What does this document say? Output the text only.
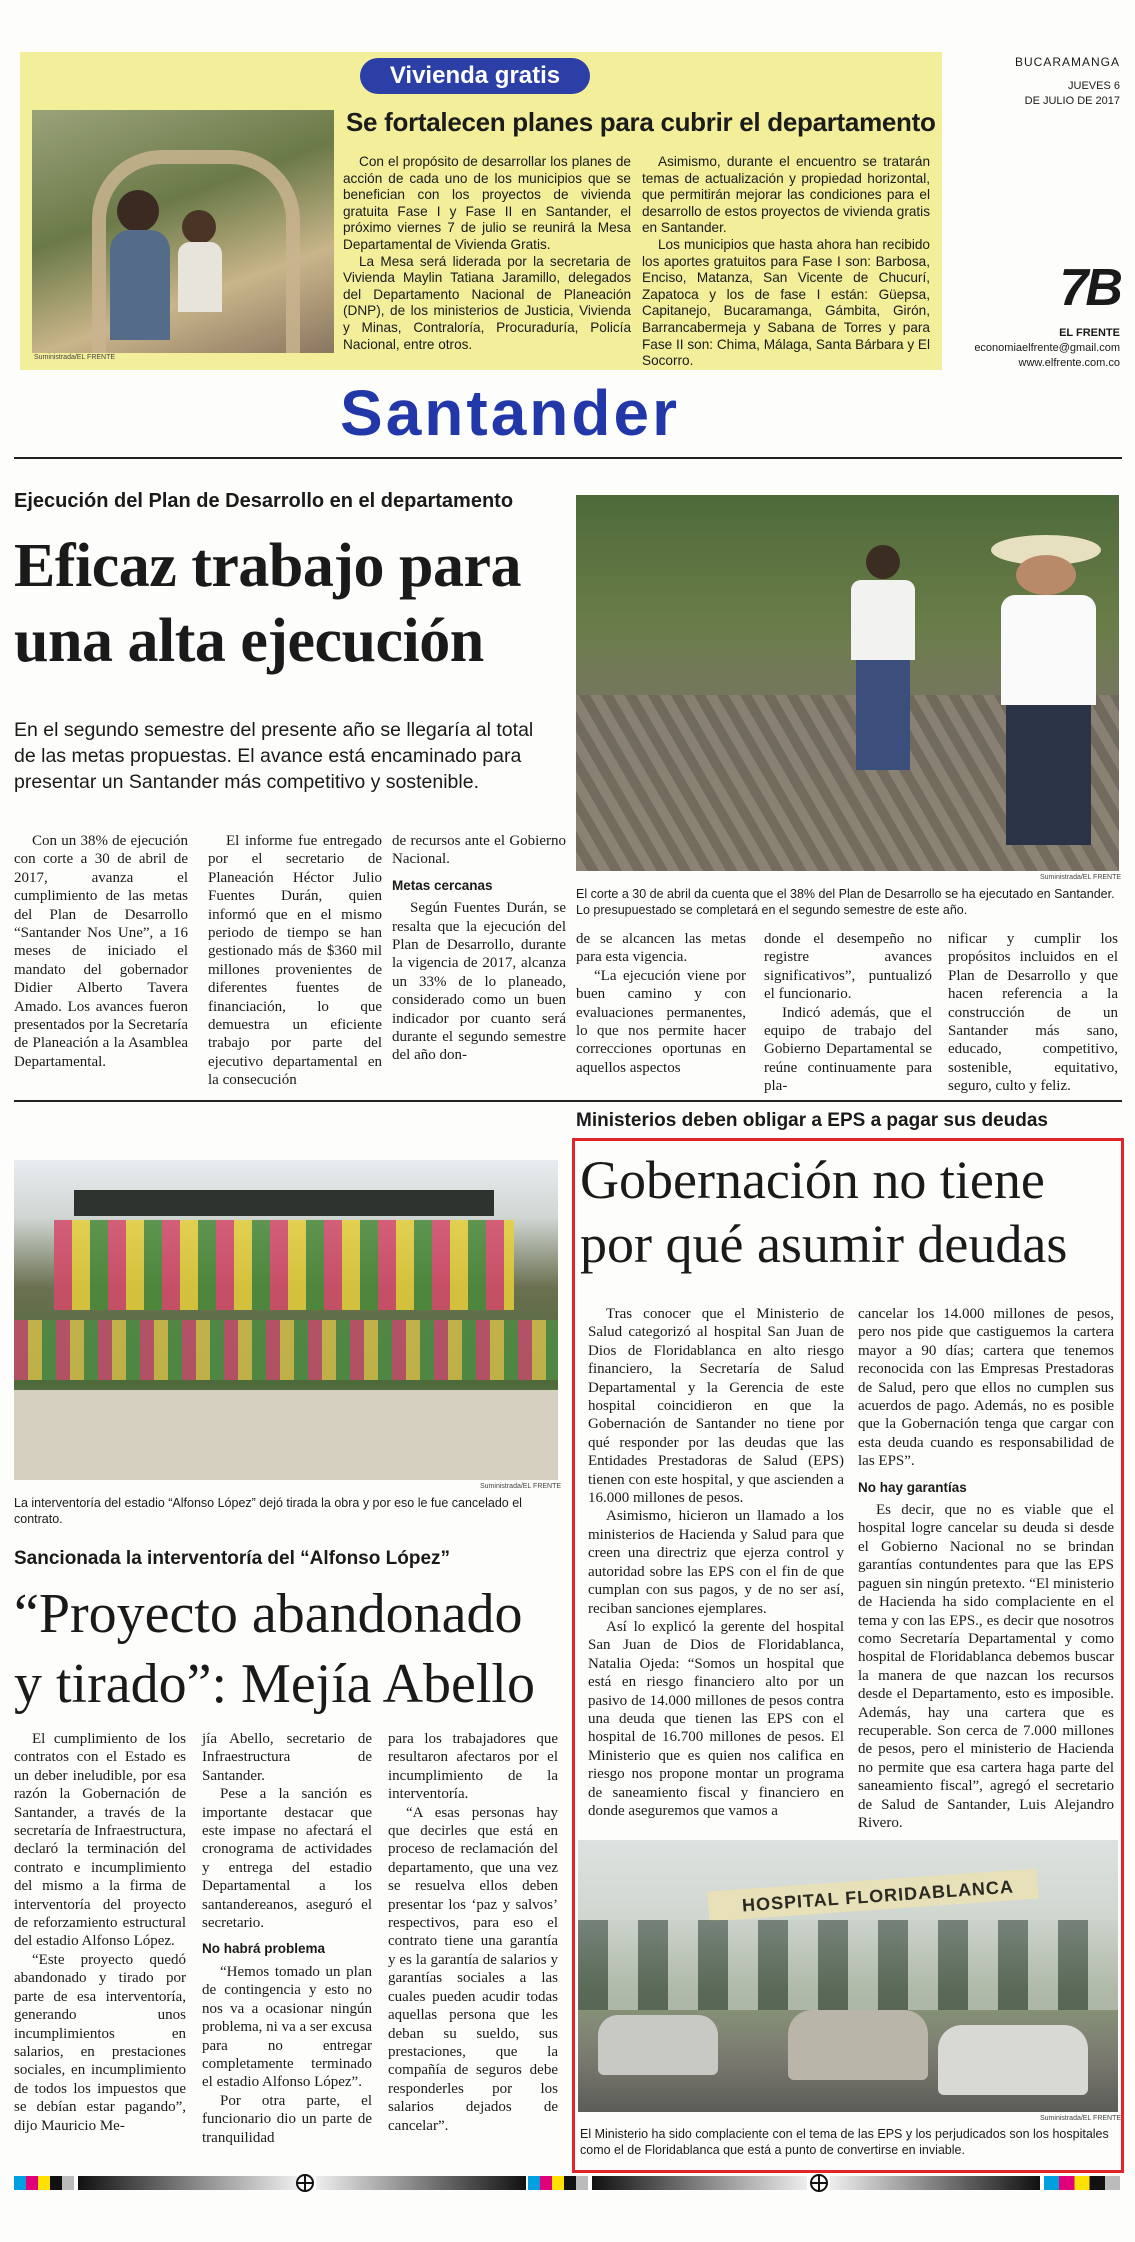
Vivienda gratis
Suministrada/EL FRENTE
Se fortalecen planes para cubrir el departamento

Con el propósito de desarrollar los planes de acción de cada uno de los municipios que se benefician con los proyectos de vivienda gratuita Fase I y Fase II en Santander, el próximo viernes 7 de julio se reunirá la Mesa Departamental de Vivienda Gratis.

La Mesa será liderada por la secretaria de Vivienda Maylin Tatiana Jaramillo, delegados del Departamento Nacional de Planeación (DNP), de los ministerios de Justicia, Vivienda y Minas, Contraloría, Procuraduría, Policía Nacional, entre otros.

Asimismo, durante el encuentro se tratarán temas de actualización y propiedad horizontal, que permitirán mejorar las condiciones para el desarrollo de estos proyectos de vivienda gratis en Santander.

Los municipios que hasta ahora han recibido los aportes gratuitos para Fase I son: Barbosa, Enciso, Matanza, San Vicente de Chucurí, Zapatoca y los de fase I están: Güepsa, Capitanejo, Bucaramanga, Gámbita, Girón, Barrancabermeja y Sabana de Torres y para Fase II son: Chima, Málaga, Santa Bárbara y El Socorro.

BUCARAMANGA
JUEVES 6
DE JULIO DE 2017
7B
EL FRENTE
economiaelfrente@gmail.com
www.elfrente.com.co
Santander
Ejecución del Plan de Desarrollo en el departamento
Eficaz trabajo para
una alta ejecución
En el segundo semestre del presente año se llegaría al total de las metas propuestas. El avance está encaminado para presentar un Santander más competitivo y sostenible.
Suministrada/EL FRENTE
El corte a 30 de abril da cuenta que el 38% del Plan de Desarrollo se ha ejecutado en Santander. Lo presupuestado se completará en el segundo semestre de este año.

Con un 38% de ejecución con corte a 30 de abril de 2017, avanza el cumplimiento de las metas del Plan de Desarrollo “Santander Nos Une”, a 16 meses de iniciado el mandato del gobernador Didier Alberto Tavera Amado. Los avances fueron presentados por la Secretaría de Planeación a la Asamblea Departamental.

El informe fue entregado por el secretario de Planeación Héctor Julio Fuentes Durán, quien informó que en el mismo periodo de tiempo se han gestionado más de $360 mil millones provenientes de diferentes fuentes de financiación, lo que demuestra un eficiente trabajo por parte del ejecutivo departamental en la consecución

de recursos ante el Gobierno Nacional.

Metas cercanas

Según Fuentes Durán, se resalta que la ejecución del Plan de Desarrollo, durante la vigencia de 2017, alcanza un 33% de lo planeado, considerado como un buen indicador por cuanto será durante el segundo semestre del año don-

de se alcancen las metas para esta vigencia.

“La ejecución viene por buen camino y con evaluaciones permanentes, lo que nos permite hacer correcciones oportunas en aquellos aspectos

donde el desempeño no registre avances significativos”, puntualizó el funcionario.

Indicó además, que el equipo de trabajo del Gobierno Departamental se reúne continuamente para pla-

nificar y cumplir los propósitos incluidos en el Plan de Desarrollo y que hacen referencia a la construcción de un Santander más sano, educado, competitivo, sostenible, equitativo, seguro, culto y feliz.

Suministrada/EL FRENTE
La interventoría del estadio “Alfonso López” dejó tirada la obra y por eso le fue cancelado el contrato.
Sancionada la interventoría del “Alfonso López”
“Proyecto abandonado
y tirado”: Mejía Abello

El cumplimiento de los contratos con el Estado es un deber ineludible, por esa razón la Gobernación de Santander, a través de la secretaría de Infraestructura, declaró la terminación del contrato e incumplimiento del mismo a la firma de interventoría del proyecto de reforzamiento estructural del estadio Alfonso López.

“Este proyecto quedó abandonado y tirado por parte de esa interventoría, generando unos incumplimientos en salarios, en prestaciones sociales, en incumplimiento de todos los impuestos que se debían estar pagando”, dijo Mauricio Me-

jía Abello, secretario de Infraestructura de Santander.

Pese a la sanción es importante destacar que este impase no afectará el cronograma de actividades y entrega del estadio Departamental a los santandereanos, aseguró el secretario.

No habrá problema

“Hemos tomado un plan de contingencia y esto no nos va a ocasionar ningún problema, ni va a ser excusa para no entregar completamente terminado el estadio Alfonso López”.

Por otra parte, el funcionario dio un parte de tranquilidad

para los trabajadores que resultaron afectaros por el incumplimiento de la interventoría.

“A esas personas hay que decirles que está en proceso de reclamación del departamento, que una vez se resuelva ellos deben presentar los ‘paz y salvos’ respectivos, para eso el contrato tiene una garantía y es la garantía de salarios y garantías sociales a las cuales pueden acudir todas aquellas persona que les deban su sueldo, sus prestaciones, que la compañía de seguros debe responderles por los salarios dejados de cancelar”.

Ministerios deben obligar a EPS a pagar sus deudas
Gobernación no tiene
por qué asumir deudas

Tras conocer que el Ministerio de Salud categorizó al hospital San Juan de Dios de Floridablanca en alto riesgo financiero, la Secretaría de Salud Departamental y la Gerencia de este hospital coincidieron en que la Gobernación de Santander no tiene por qué responder por las deudas que las Entidades Prestadoras de Salud (EPS) tienen con este hospital, y que ascienden a 16.000 millones de pesos.

Asimismo, hicieron un llamado a los ministerios de Hacienda y Salud para que creen una directriz que ejerza control y autoridad sobre las EPS con el fin de que cumplan con sus pagos, y de no ser así, reciban sanciones ejemplares.

Así lo explicó la gerente del hospital San Juan de Dios de Floridablanca, Natalia Ojeda: “Somos un hospital que está en riesgo financiero alto por un pasivo de 14.000 millones de pesos contra una deuda que tienen las EPS con el hospital de 16.700 millones de pesos. El Ministerio que es quien nos califica en riesgo nos propone montar un programa de saneamiento fiscal y financiero en donde aseguremos que vamos a

cancelar los 14.000 millones de pesos, pero nos pide que castiguemos la cartera mayor a 90 días; cartera que tenemos reconocida con las Empresas Prestadoras de Salud, pero que ellos no cumplen sus acuerdos de pago. Además, no es posible que la Gobernación tenga que cargar con esta deuda cuando es responsabilidad de las EPS”.

No hay garantías

Es decir, que no es viable que el hospital logre cancelar su deuda si desde el Gobierno Nacional no se brindan garantías contundentes para que las EPS paguen sin ningún pretexto. “El ministerio de Hacienda ha sido complaciente en el tema y con las EPS., es decir que nosotros como Secretaría Departamental y como hospital de Floridablanca debemos buscar la manera de que nazcan los recursos desde el Departamento, esto es imposible. Además, hay una cartera que es recuperable. Son cerca de 7.000 millones de pesos, pero el ministerio de Hacienda no permite que esa cartera haga parte del saneamiento fiscal”, agregó el secretario de Salud de Santander, Luis Alejandro Rivero.

HOSPITAL FLORIDABLANCA
Suministrada/EL FRENTE
El Ministerio ha sido complaciente con el tema de las EPS y los perjudicados son los hospitales como el de Floridablanca que está a punto de convertirse en inviable.
